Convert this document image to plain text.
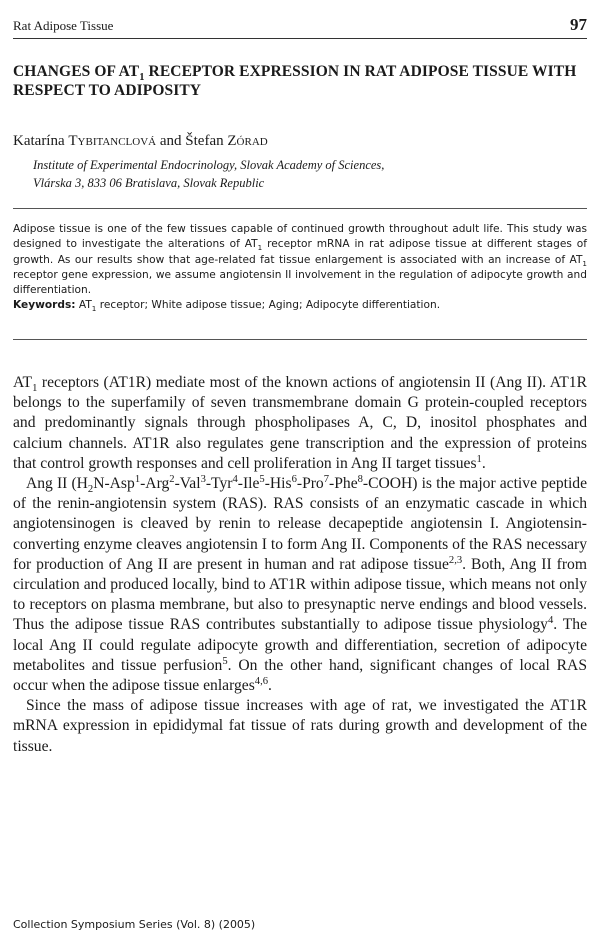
Rat Adipose Tissue	97
CHANGES OF $AT_1$ RECEPTOR EXPRESSION IN RAT ADIPOSE TISSUE WITH RESPECT TO ADIPOSITY
Katarína Tybitanclová and Štefan Zórad
Institute of Experimental Endocrinology, Slovak Academy of Sciences,
Vlárska 3, 833 06 Bratislava, Slovak Republic
Adipose tissue is one of the few tissues capable of continued growth throughout adult life. This study was designed to investigate the alterations of $AT_1$ receptor mRNA in rat adipose tissue at different stages of growth. As our results show that age-related fat tissue enlargement is associated with an increase of $AT_1$ receptor gene expression, we assume angiotensin II involvement in the regulation of adipocyte growth and differentiation.
Keywords: $AT_1$ receptor; White adipose tissue; Aging; Adipocyte differentiation.

$AT_1$ receptors (AT1R) mediate most of the known actions of angiotensin II (Ang II). AT1R belongs to the superfamily of seven transmembrane domain G protein-coupled receptors and predominantly signals through phospholipases A, C, D, inositol phosphates and calcium channels. AT1R also regulates gene transcription and the expression of proteins that control growth responses and cell proliferation in Ang II target tissues$^1$.

Ang II $(H_2N-Asp^1-Arg^2-Val^3-Tyr^4-Ile^5-His^6-Pro^7-Phe^8-COOH)$ is the major active peptide of the renin-angiotensin system (RAS). RAS consists of an enzymatic cascade in which angiotensinogen is cleaved by renin to release decapeptide angiotensin I. Angiotensin-converting enzyme cleaves angiotensin I to form Ang II. Components of the RAS necessary for production of Ang II are present in human and rat adipose tissue$^{2,3}$. Both, Ang II from circulation and produced locally, bind to AT1R within adipose tissue, which means not only to receptors on plasma membrane, but also to presynaptic nerve endings and blood vessels. Thus the adipose tissue RAS contributes substantially to adipose tissue physiology$^4$. The local Ang II could regulate adipocyte growth and differentiation, secretion of adipocyte metabolites and tissue perfusion$^5$. On the other hand, significant changes of local RAS occur when the adipose tissue enlarges$^{4,6}$.

Since the mass of adipose tissue increases with age of rat, we investigated the AT1R mRNA expression in epididymal fat tissue of rats during growth and development of the tissue.

Collection Symposium Series (Vol. 8) (2005)
